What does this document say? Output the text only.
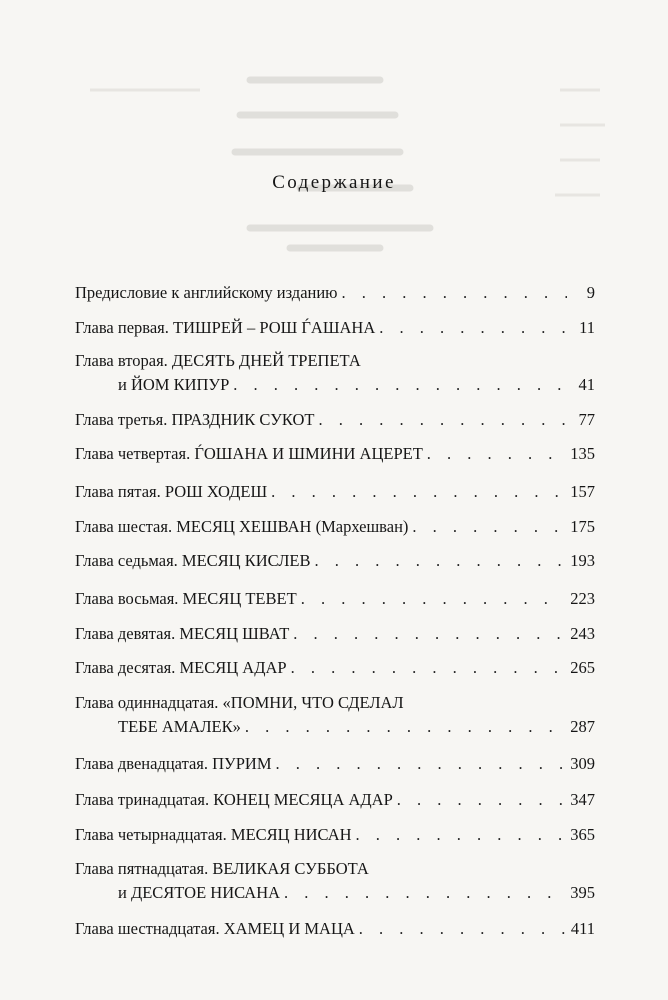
Содержание
Предисловие к английскому изданию . . .	9
Глава первая. ТИШРЕЙ – РОШ ЃАШАНА . . .	11
Глава вторая. ДЕСЯТЬ ДНЕЙ ТРЕПЕТА
и ЙОМ КИПУР . . .	41
Глава третья. ПРАЗДНИК СУКОТ . . .	77
Глава четвертая. ЃОШАНА И ШМИНИ АЦЕРЕТ . . .	135
Глава пятая. РОШ ХОДЕШ . . .	157
Глава шестая. МЕСЯЦ ХЕШВАН (Мархешван) . . .	175
Глава седьмая. МЕСЯЦ КИСЛЕВ . . .	193
Глава восьмая. МЕСЯЦ ТЕВЕТ . . .	223
Глава девятая. МЕСЯЦ ШВАТ . . .	243
Глава десятая. МЕСЯЦ АДАР . . .	265
Глава одиннадцатая. «ПОМНИ, ЧТО СДЕЛАЛ
ТЕБЕ АМАЛЕК» . . .	287
Глава двенадцатая. ПУРИМ . . .	309
Глава тринадцатая. КОНЕЦ МЕСЯЦА АДАР . . .	347
Глава четырнадцатая. МЕСЯЦ НИСАН . . .	365
Глава пятнадцатая. ВЕЛИКАЯ СУББОТА
и ДЕСЯТОЕ НИСАНА . . .	395
Глава шестнадцатая. ХАМЕЦ И МАЦА . . .	411
